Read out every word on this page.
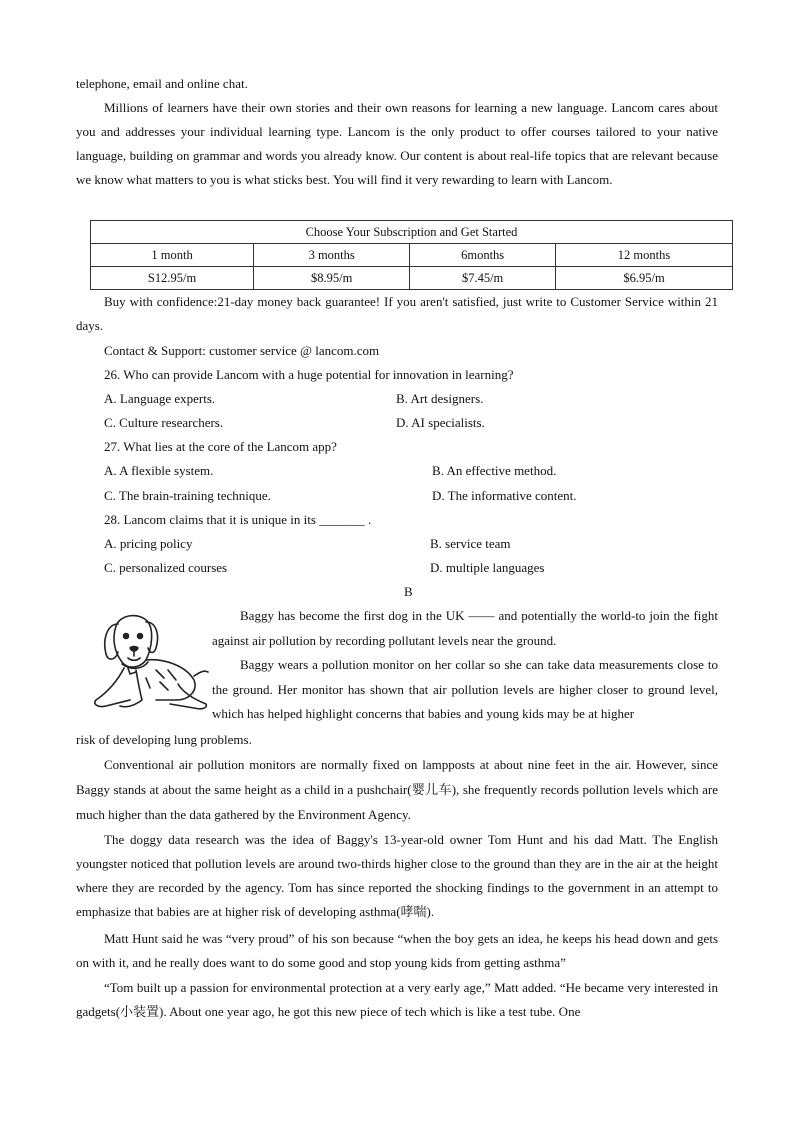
telephone, email and online chat.
Millions of learners have their own stories and their own reasons for learning a new language. Lancom cares about you and addresses your individual learning type. Lancom is the only product to offer courses tailored to your native language, building on grammar and words you already know. Our content is about real-life topics that are relevant because we know what matters to you is what sticks best. You will find it very rewarding to learn with Lancom.
Choose Your Subscription and Get Started			
1 month	3 months	6months	12 months
S12.95/m	$8.95/m	$7.45/m	$6.95/m
Buy with confidence:21-day money back guarantee! If you aren't satisfied, just write to Customer Service within 21 days.
Contact & Support: customer service @ lancom.com
26. Who can provide Lancom with a huge potential for innovation in learning?
A. Language experts.	B. Art designers.
C. Culture researchers.	D. AI specialists.
27. What lies at the core of the Lancom app?
A. A flexible system.	B. An effective method.
C. The brain-training technique.	D. The informative content.
28. Lancom claims that it is unique in its _______ .
A. pricing policy	B. service team
C. personalized courses	D. multiple languages
B
Baggy has become the first dog in the UK —— and potentially the world-to join the fight against air pollution by recording pollutant levels near the ground.
Baggy wears a pollution monitor on her collar so she can take data measurements close to the ground. Her monitor has shown that air pollution levels are higher closer to ground level, which has helped highlight concerns that babies and young kids may be at higher
risk of developing lung problems.
Conventional air pollution monitors are normally fixed on lampposts at about nine feet in the air. However, since Baggy stands at about the same height as a child in a pushchair(婴儿车), she frequently records pollution levels which are much higher than the data gathered by the Environment Agency.
The doggy data research was the idea of Baggy's 13-year-old owner Tom Hunt and his dad Matt. The English youngster noticed that pollution levels are around two-thirds higher close to the ground than they are in the air at the height where they are recorded by the agency. Tom has since reported the shocking findings to the government in an attempt to emphasize that babies are at higher risk of developing asthma(哮喘).
Matt Hunt said he was “very proud” of his son because “when the boy gets an idea, he keeps his head down and gets on with it, and he really does want to do some good and stop young kids from getting asthma”
“Tom built up a passion for environmental protection at a very early age,” Matt added. “He became very interested in gadgets(小装置). About one year ago, he got this new piece of tech which is like a test tube. One
